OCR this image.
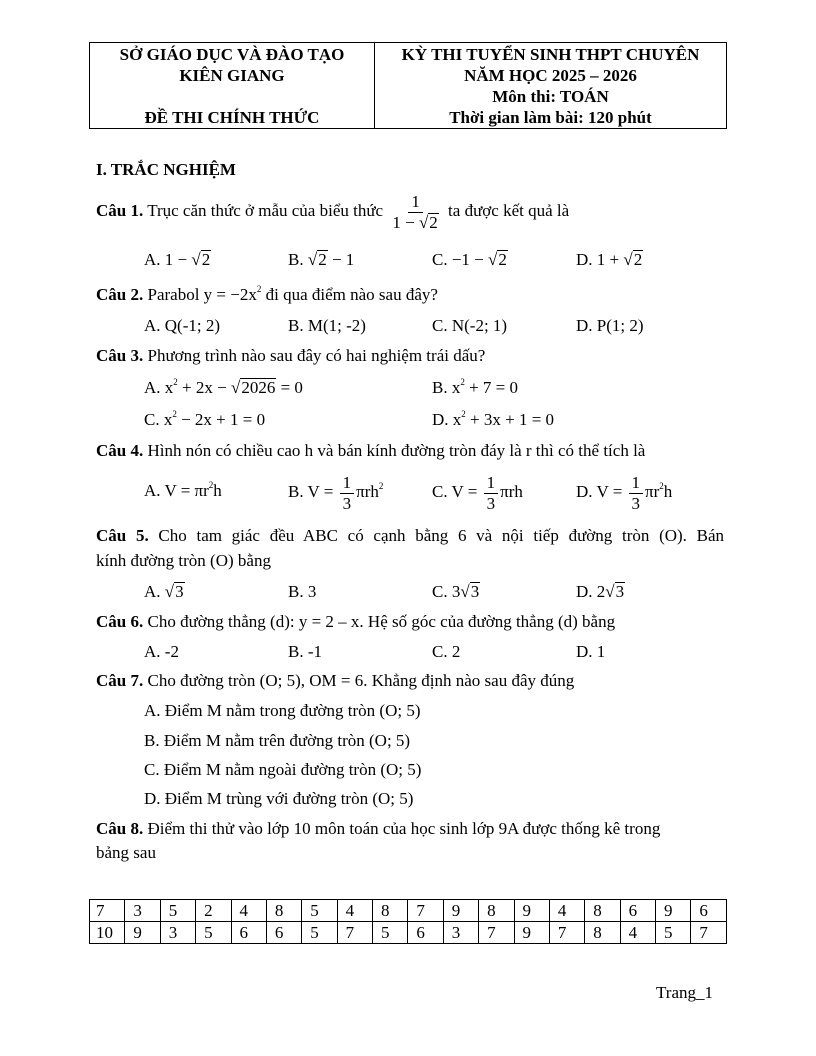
SỞ GIÁO DỤC VÀ ĐÀO TẠO
KIÊN GIANG
ĐỀ THI CHÍNH THỨC

KỲ THI TUYỂN SINH THPT CHUYÊN
NĂM HỌC 2025 – 2026
Môn thi: TOÁN
Thời gian làm bài: 120 phút
I. TRẮC NGHIỆM
Câu 1. Trục căn thức ở mẫu của biểu thức $\frac{1}{1 - √2}$ ta được kết quả là
A. 1 − √2	B. √2 − 1	C. −1 − √2	D. 1 + √2
Câu 2. Parabol $y = -2x^2$ đi qua điểm nào sau đây?
A. Q(-1; 2)	B. M(1; -2)	C. N(-2; 1)	D. P(1; 2)
Câu 3. Phương trình nào sau đây có hai nghiệm trái dấu?
A. $x^2 + 2x - √2026 = 0$	B. $x^2 + 7 = 0$
C. $x^2 - 2x + 1 = 0$	D. $x^2 + 3x + 1 = 0$
Câu 4. Hình nón có chiều cao h và bán kính đường tròn đáy là r thì có thể tích là
A. $V = \pi r^2h$	B. $V = \frac{1}{3} \pi rh^2$	C. $V = \frac{1}{3}$ πrh	D. $V = \frac{1}{3} \pi r^2h$
Câu 5. Cho tam giác đều ABC có cạnh bằng 6 và nội tiếp đường tròn (O). Bán
kính đường tròn (O) bằng
A. √3	B. 3	C. 3√3	D. 2√3
Câu 6. Cho đường thẳng (d): y = 2 – x. Hệ số góc của đường thẳng (d) bằng
A. -2	B. -1	C. 2	D. 1
Câu 7. Cho đường tròn (O; 5), OM = 6. Khẳng định nào sau đây đúng
A. Điểm M nằm trong đường tròn (O; 5)
B. Điểm M nằm trên đường tròn (O; 5)
C. Điểm M nằm ngoài đường tròn (O; 5)
D. Điểm M trùng với đường tròn (O; 5)
Câu 8. Điểm thi thử vào lớp 10 môn toán của học sinh lớp 9A được thống kê trong
bảng sau
7	3	5	2	4	8	5	4	8	7	9	8	9	4	8	6	9	6
10	9	3	5	6	6	5	7	5	6	3	7	9	7	8	4	5	7
Trang_1
